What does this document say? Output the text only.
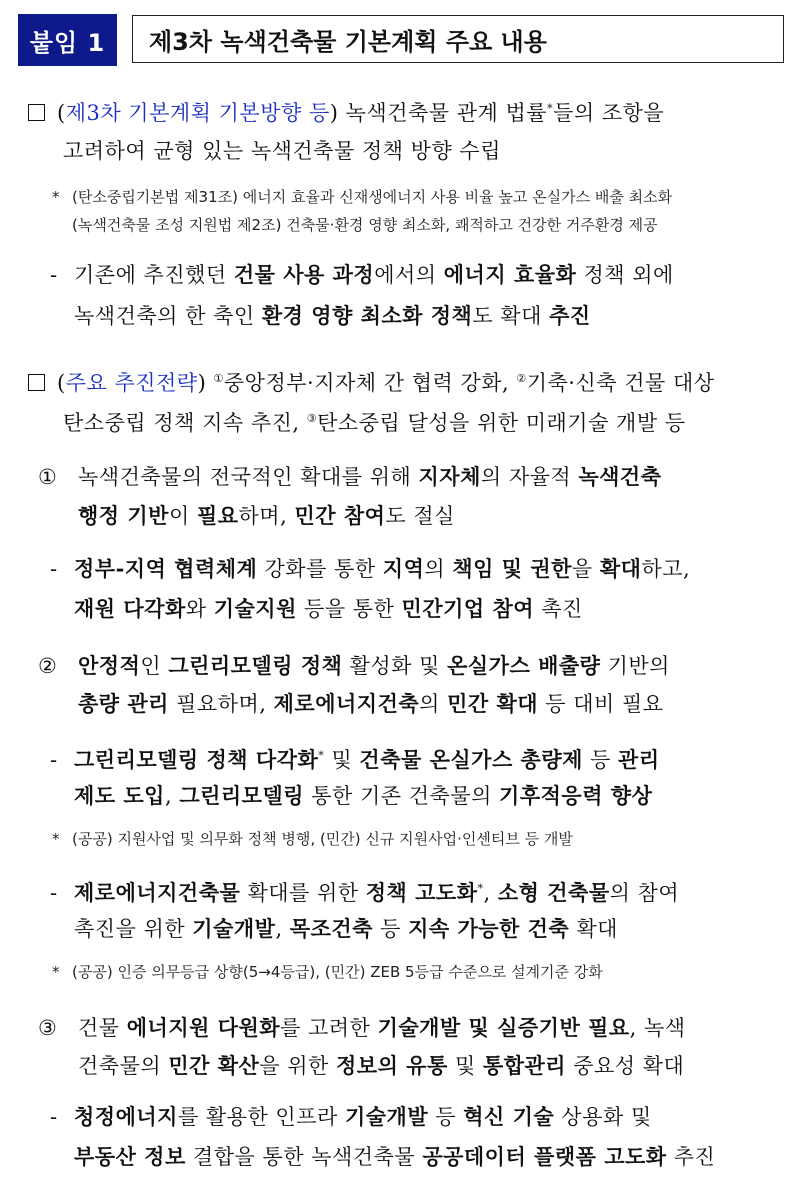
붙임 1	제3차 녹색건축물 기본계획 주요 내용

(제3차 기본계획 기본방향 등) 녹색건축물 관계 법률*들의 조항을

고려하여 균형 있는 녹색건축물 정책 방향 수립

* (탄소중립기본법 제31조) 에너지 효율과 신재생에너지 사용 비율 높고 온실가스 배출 최소화

(녹색건축물 조성 지원법 제2조) 건축물·환경 영향 최소화, 쾌적하고 건강한 거주환경 제공

- 기존에 추진했던 건물 사용 과정에서의 에너지 효율화 정책 외에

녹색건축의 한 축인 환경 영향 최소화 정책도 확대 추진

(주요 추진전략) ①중앙정부·지자체 간 협력 강화, ②기축·신축 건물 대상

탄소중립 정책 지속 추진, ③탄소중립 달성을 위한 미래기술 개발 등

① 녹색건축물의 전국적인 확대를 위해 지자체의 자율적 녹색건축

행정 기반이 필요하며, 민간 참여도 절실

- 정부-지역 협력체계 강화를 통한 지역의 책임 및 권한을 확대하고,

재원 다각화와 기술지원 등을 통한 민간기업 참여 촉진

② 안정적인 그린리모델링 정책 활성화 및 온실가스 배출량 기반의

총량 관리 필요하며, 제로에너지건축의 민간 확대 등 대비 필요

- 그린리모델링 정책 다각화* 및 건축물 온실가스 총량제 등 관리

제도 도입, 그린리모델링 통한 기존 건축물의 기후적응력 향상

* (공공) 지원사업 및 의무화 정책 병행, (민간) 신규 지원사업·인센티브 등 개발

- 제로에너지건축물 확대를 위한 정책 고도화*, 소형 건축물의 참여

촉진을 위한 기술개발, 목조건축 등 지속 가능한 건축 확대

* (공공) 인증 의무등급 상향(5→4등급), (민간) ZEB 5등급 수준으로 설계기준 강화

③ 건물 에너지원 다원화를 고려한 기술개발 및 실증기반 필요, 녹색

건축물의 민간 확산을 위한 정보의 유통 및 통합관리 중요성 확대

- 청정에너지를 활용한 인프라 기술개발 등 혁신 기술 상용화 및

부동산 정보 결합을 통한 녹색건축물 공공데이터 플랫폼 고도화 추진
